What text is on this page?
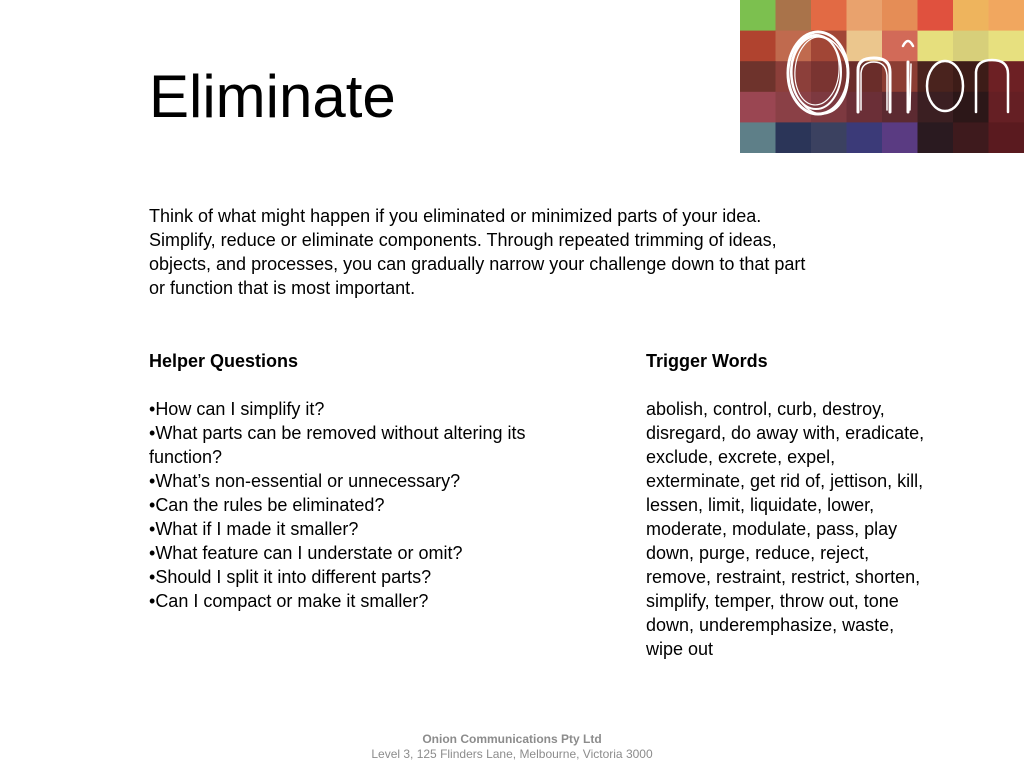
Eliminate

Think of what might happen if you eliminated or minimized parts of your idea. Simplify, reduce or eliminate components. Through repeated trimming of ideas, objects, and processes, you can gradually narrow your challenge down to that part or function that is most important.

Helper Questions

• How can I simplify it?
• What parts can be removed without altering its function?
• What’s non-essential or unnecessary?
• Can the rules be eliminated?
• What if I made it smaller?
• What feature can I understate or omit?
• Should I split it into different parts?
• Can I compact or make it smaller?

Trigger Words

abolish, control, curb, destroy, disregard, do away with, eradicate, exclude, excrete, expel, exterminate, get rid of, jettison, kill, lessen, limit, liquidate, lower, moderate, modulate, pass, play down, purge, reduce, reject, remove, restraint, restrict, shorten, simplify, temper, throw out, tone down, underemphasize, waste, wipe out

Onion Communications Pty Ltd
Level 3, 125 Flinders Lane, Melbourne, Victoria 3000
